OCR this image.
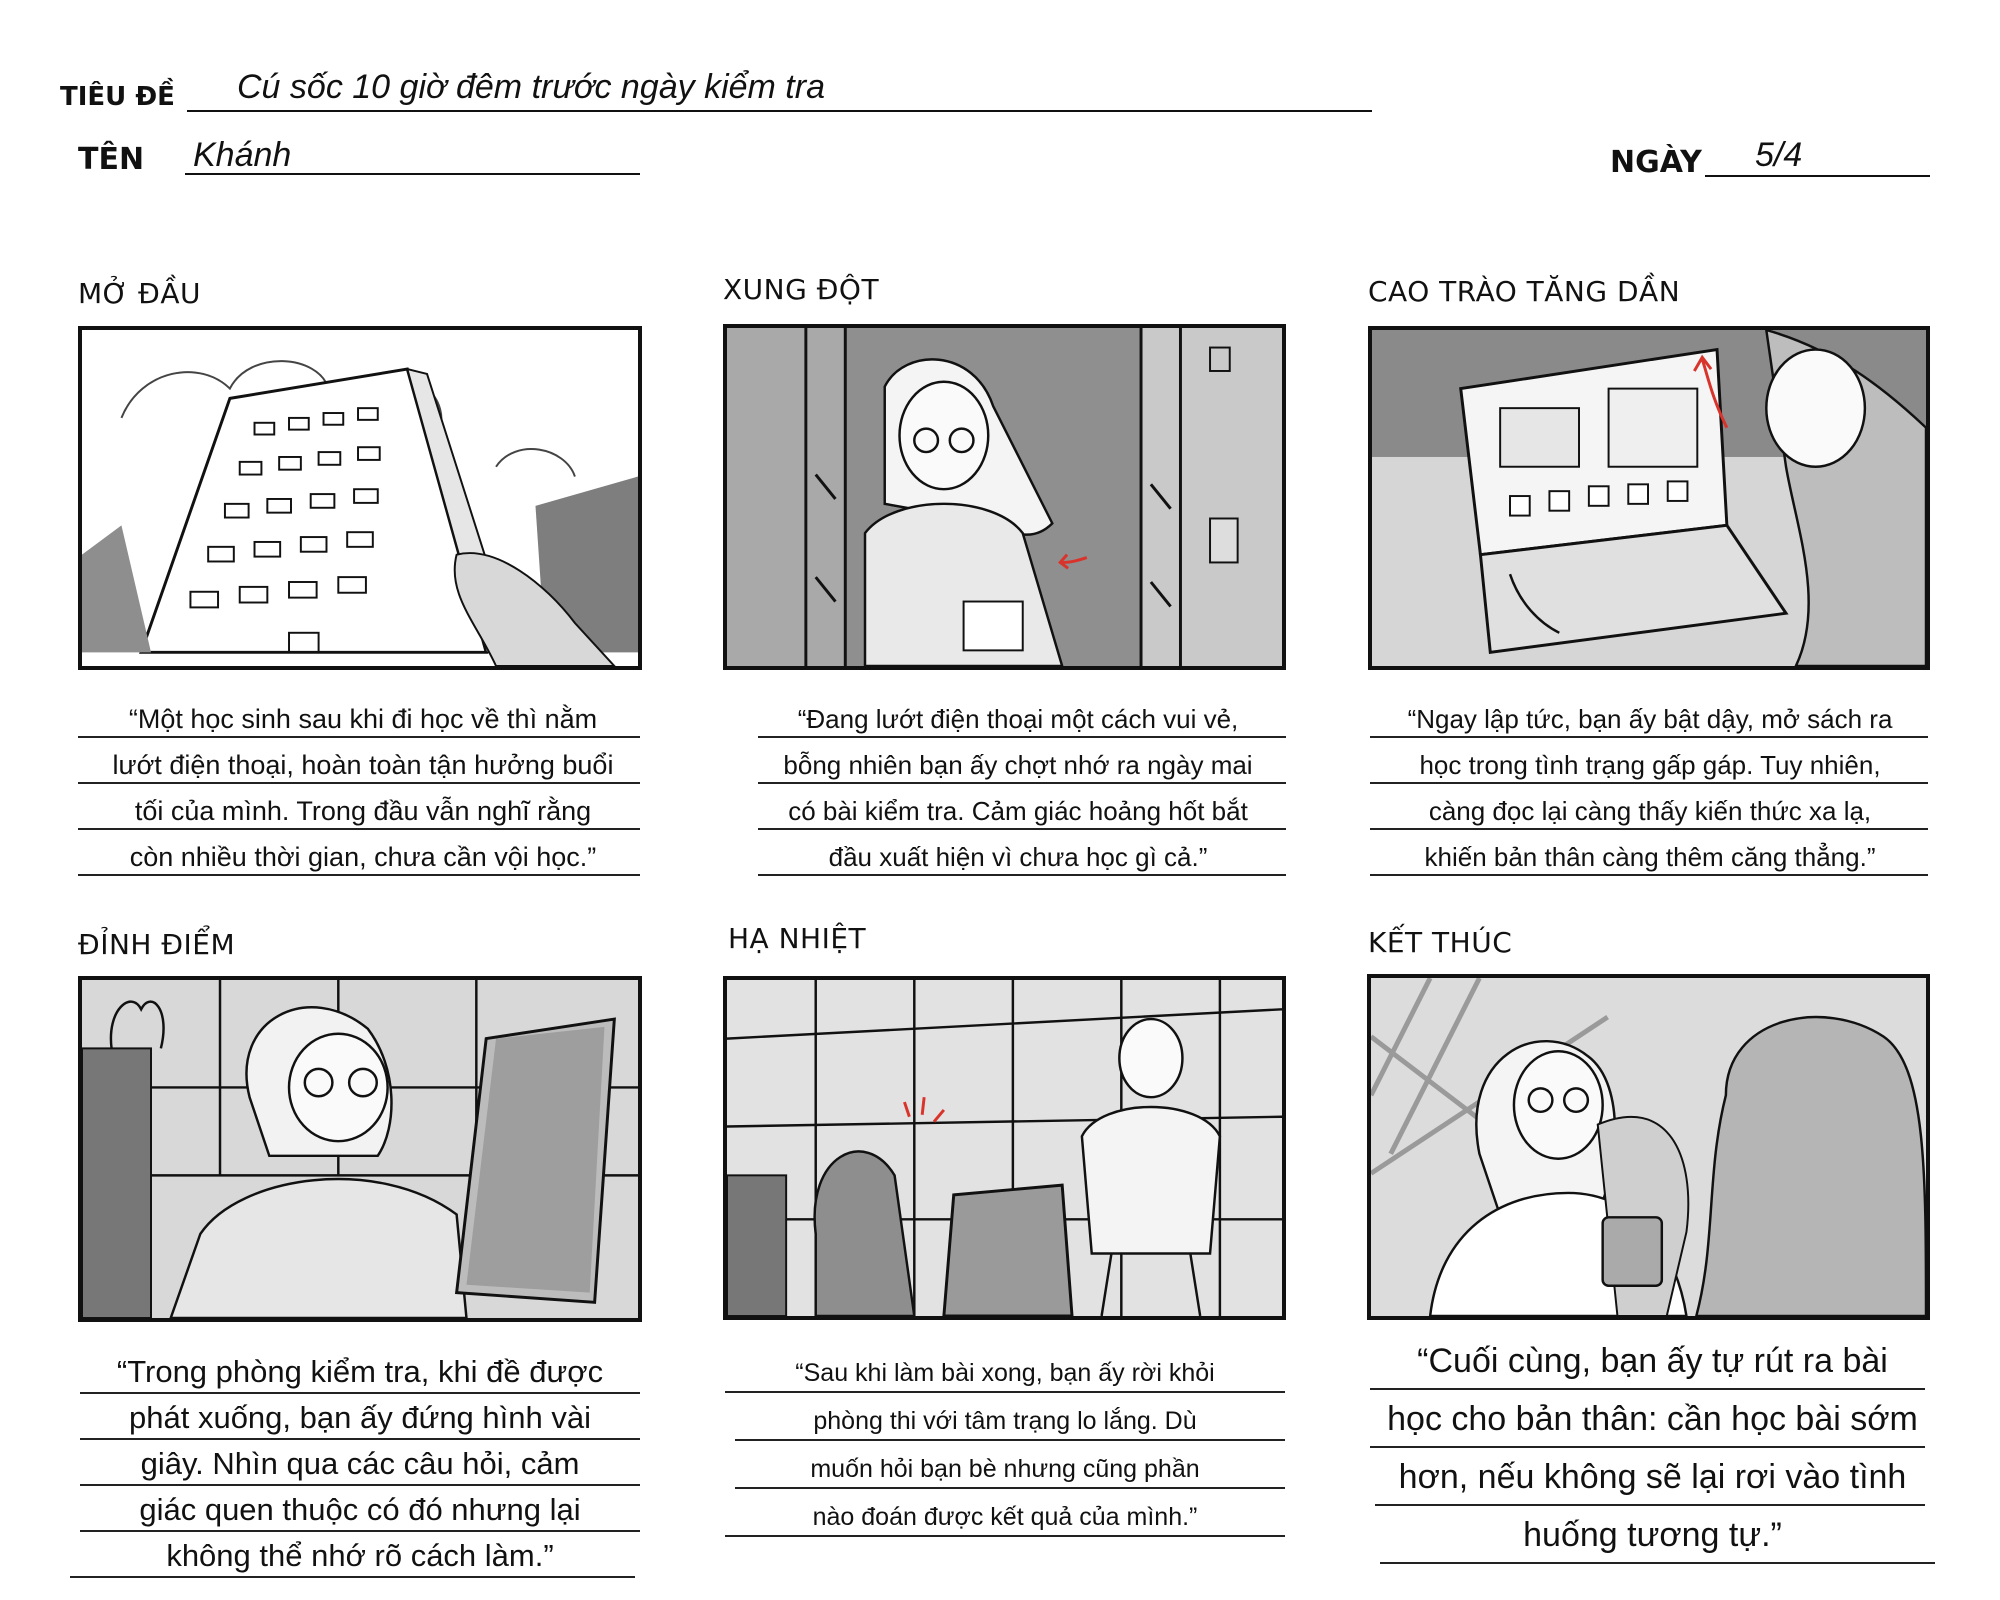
TIÊU ĐỀ Cú sốc 10 giờ đêm trước ngày kiểm tra
TÊN Khánh	NGÀY 5/4
MỞ ĐẦU
“Một học sinh sau khi đi học về thì nằm
lướt điện thoại, hoàn toàn tận hưởng buổi
tối của mình. Trong đầu vẫn nghĩ rằng
còn nhiều thời gian, chưa cần vội học.”
XUNG ĐỘT
“Đang lướt điện thoại một cách vui vẻ,
bỗng nhiên bạn ấy chợt nhớ ra ngày mai
có bài kiểm tra. Cảm giác hoảng hốt bắt
đầu xuất hiện vì chưa học gì cả.”
CAO TRÀO TĂNG DẦN
“Ngay lập tức, bạn ấy bật dậy, mở sách ra
học trong tình trạng gấp gáp. Tuy nhiên,
càng đọc lại càng thấy kiến thức xa lạ,
khiến bản thân càng thêm căng thẳng.”
ĐỈNH ĐIỂM
“Trong phòng kiểm tra, khi đề được
phát xuống, bạn ấy đứng hình vài
giây. Nhìn qua các câu hỏi, cảm
giác quen thuộc có đó nhưng lại
không thể nhớ rõ cách làm.”
HẠ NHIỆT
“Sau khi làm bài xong, bạn ấy rời khỏi
phòng thi với tâm trạng lo lắng. Dù
muốn hỏi bạn bè nhưng cũng phần
nào đoán được kết quả của mình.”
KẾT THÚC
“Cuối cùng, bạn ấy tự rút ra bài
học cho bản thân: cần học bài sớm
hơn, nếu không sẽ lại rơi vào tình
huống tương tự.”
